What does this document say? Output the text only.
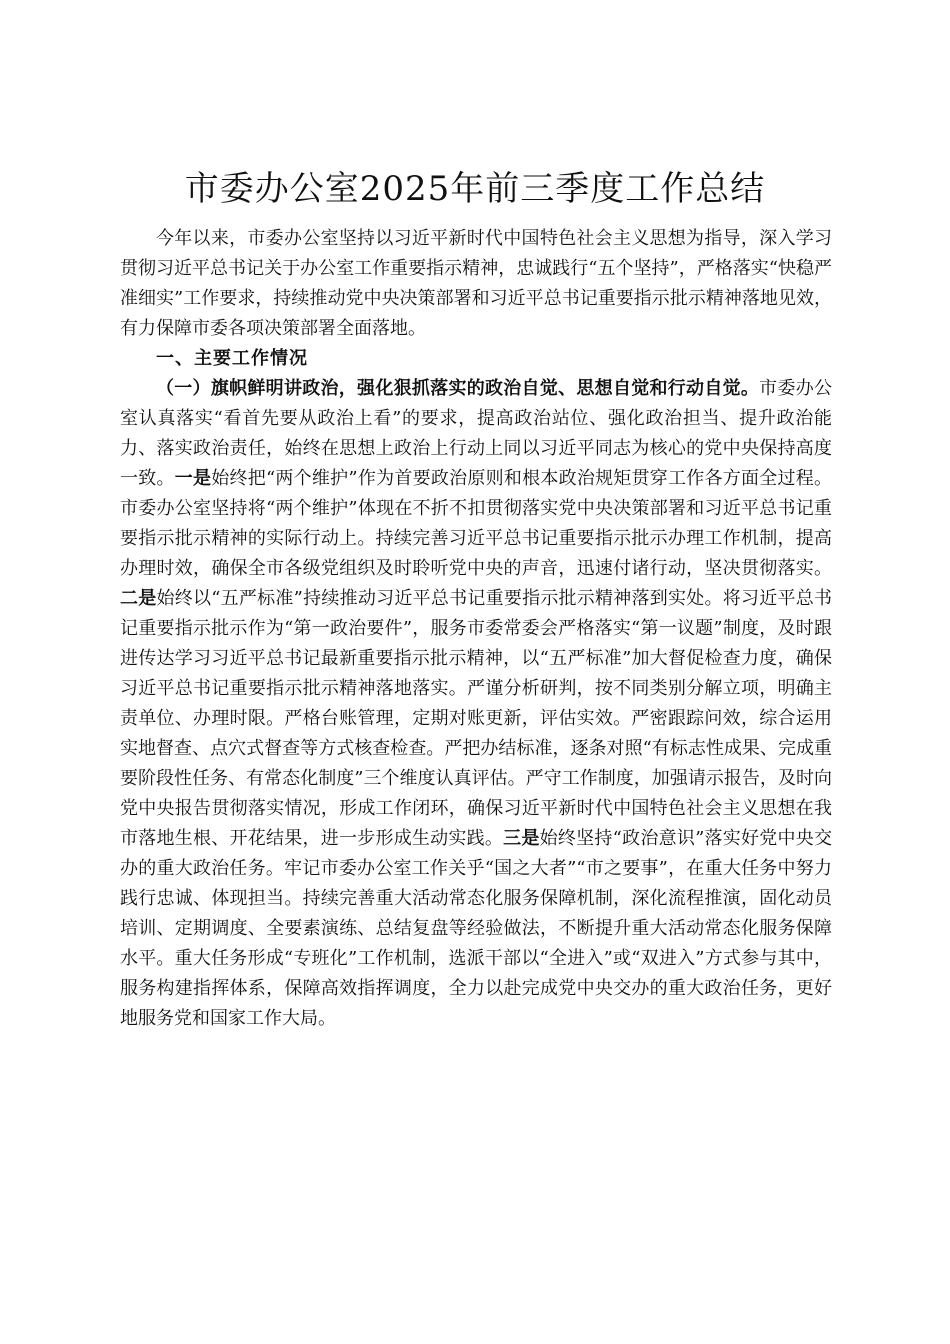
市委办公室2025年前三季度工作总结

今年以来，市委办公室坚持以习近平新时代中国特色社会主义思想为指导，深入学习贯彻习近平总书记关于办公室工作重要指示精神，忠诚践行“五个坚持”，严格落实“快稳严准细实”工作要求，持续推动党中央决策部署和习近平总书记重要指示批示精神落地见效，有力保障市委各项决策部署全面落地。

一、主要工作情况

（一）旗帜鲜明讲政治，强化狠抓落实的政治自觉、思想自觉和行动自觉。市委办公室认真落实“看首先要从政治上看”的要求，提高政治站位、强化政治担当、提升政治能力、落实政治责任，始终在思想上政治上行动上同以习近平同志为核心的党中央保持高度一致。一是始终把“两个维护”作为首要政治原则和根本政治规矩贯穿工作各方面全过程。市委办公室坚持将“两个维护”体现在不折不扣贯彻落实党中央决策部署和习近平总书记重要指示批示精神的实际行动上。持续完善习近平总书记重要指示批示办理工作机制，提高办理时效，确保全市各级党组织及时聆听党中央的声音，迅速付诸行动，坚决贯彻落实。二是始终以“五严标准”持续推动习近平总书记重要指示批示精神落到实处。将习近平总书记重要指示批示作为“第一政治要件”，服务市委常委会严格落实“第一议题”制度，及时跟进传达学习习近平总书记最新重要指示批示精神，以“五严标准”加大督促检查力度，确保习近平总书记重要指示批示精神落地落实。严谨分析研判，按不同类别分解立项，明确主责单位、办理时限。严格台账管理，定期对账更新，评估实效。严密跟踪问效，综合运用实地督查、点穴式督查等方式核查检查。严把办结标准，逐条对照“有标志性成果、完成重要阶段性任务、有常态化制度”三个维度认真评估。严守工作制度，加强请示报告，及时向党中央报告贯彻落实情况，形成工作闭环，确保习近平新时代中国特色社会主义思想在我市落地生根、开花结果，进一步形成生动实践。三是始终坚持“政治意识”落实好党中央交办的重大政治任务。牢记市委办公室工作关乎“国之大者”“市之要事”，在重大任务中努力践行忠诚、体现担当。持续完善重大活动常态化服务保障机制，深化流程推演，固化动员培训、定期调度、全要素演练、总结复盘等经验做法，不断提升重大活动常态化服务保障水平。重大任务形成“专班化”工作机制，选派干部以“全进入”或“双进入”方式参与其中，服务构建指挥体系，保障高效指挥调度，全力以赴完成党中央交办的重大政治任务，更好地服务党和国家工作大局。
